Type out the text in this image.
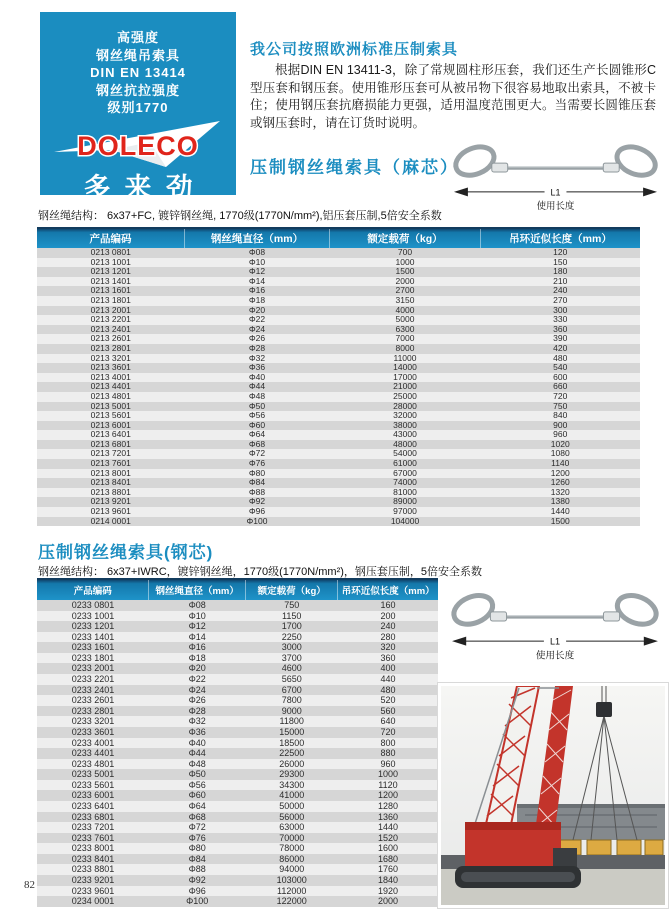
高强度
钢丝绳吊索具
DIN EN 13414
钢丝抗拉强度
级别1770
DOLECO
多来劲
我公司按照欧洲标准压制索具
根据DIN EN 13411-3，除了常规圆柱形压套，我们还生产长圆锥形C型压套和钢压套。使用锥形压套可从被吊物下很容易地取出索具，不被卡住；使用钢压套抗磨损能力更强，适用温度范围更大。当需要长圆锥压套或钢压套时，请在订货时说明。
压制钢丝绳索具（麻芯）
L1
使用长度
钢丝绳结构： 6x37+FC, 镀锌钢丝绳, 1770级(1770N/mm²),铝压套压制,5倍安全系数
产品编码	钢丝绳直径（mm）	额定载荷（kg）	吊环近似长度（mm）
0213 0801	Φ08	700	120
0213 1001	Φ10	1000	150
0213 1201	Φ12	1500	180
0213 1401	Φ14	2000	210
0213 1601	Φ16	2700	240
0213 1801	Φ18	3150	270
0213 2001	Φ20	4000	300
0213 2201	Φ22	5000	330
0213 2401	Φ24	6300	360
0213 2601	Φ26	7000	390
0213 2801	Φ28	8000	420
0213 3201	Φ32	11000	480
0213 3601	Φ36	14000	540
0213 4001	Φ40	17000	600
0213 4401	Φ44	21000	660
0213 4801	Φ48	25000	720
0213 5001	Φ50	28000	750
0213 5601	Φ56	32000	840
0213 6001	Φ60	38000	900
0213 6401	Φ64	43000	960
0213 6801	Φ68	48000	1020
0213 7201	Φ72	54000	1080
0213 7601	Φ76	61000	1140
0213 8001	Φ80	67000	1200
0213 8401	Φ84	74000	1260
0213 8801	Φ88	81000	1320
0213 9201	Φ92	89000	1380
0213 9601	Φ96	97000	1440
0214 0001	Φ100	104000	1500
压制钢丝绳索具(钢芯)
钢丝绳结构： 6x37+IWRC，镀锌钢丝绳，1770级(1770N/mm²)，钢压套压制，5倍安全系数
产品编码	钢丝绳直径（mm）	额定载荷（kg）	吊环近似长度（mm）
0233 0801	Φ08	750	160
0233 1001	Φ10	1150	200
0233 1201	Φ12	1700	240
0233 1401	Φ14	2250	280
0233 1601	Φ16	3000	320
0233 1801	Φ18	3700	360
0233 2001	Φ20	4600	400
0233 2201	Φ22	5650	440
0233 2401	Φ24	6700	480
0233 2601	Φ26	7800	520
0233 2801	Φ28	9000	560
0233 3201	Φ32	11800	640
0233 3601	Φ36	15000	720
0233 4001	Φ40	18500	800
0233 4401	Φ44	22500	880
0233 4801	Φ48	26000	960
0233 5001	Φ50	29300	1000
0233 5601	Φ56	34300	1120
0233 6001	Φ60	41000	1200
0233 6401	Φ64	50000	1280
0233 6801	Φ68	56000	1360
0233 7201	Φ72	63000	1440
0233 7601	Φ76	70000	1520
0233 8001	Φ80	78000	1600
0233 8401	Φ84	86000	1680
0233 8801	Φ88	94000	1760
0233 9201	Φ92	103000	1840
0233 9601	Φ96	112000	1920
0234 0001	Φ100	122000	2000
L1
使用长度
82
